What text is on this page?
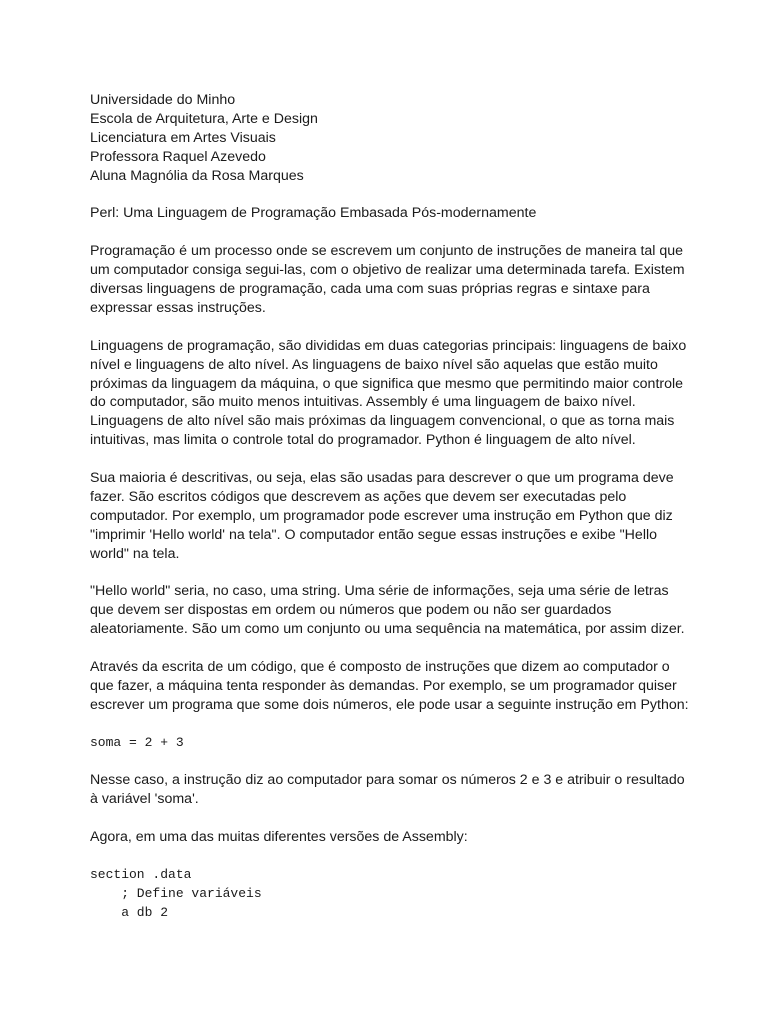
Universidade do Minho

Escola de Arquitetura, Arte e Design

Licenciatura em Artes Visuais

Professora Raquel Azevedo

Aluna Magnólia da Rosa Marques

Perl: Uma Linguagem de Programação Embasada Pós-modernamente

Programação é um processo onde se escrevem um conjunto de instruções de maneira tal que um computador consiga segui-las, com o objetivo de realizar uma determinada tarefa. Existem diversas linguagens de programação, cada uma com suas próprias regras e sintaxe para expressar essas instruções.

Linguagens de programação, são divididas em duas categorias principais: linguagens de baixo nível e linguagens de alto nível. As linguagens de baixo nível são aquelas que estão muito próximas da linguagem da máquina, o que significa que mesmo que permitindo maior controle do computador, são muito menos intuitivas. Assembly é uma linguagem de baixo nível. Linguagens de alto nível são mais próximas da linguagem convencional, o que as torna mais intuitivas, mas limita o controle total do programador. Python é linguagem de alto nível.

Sua maioria é descritivas, ou seja, elas são usadas para descrever o que um programa deve fazer. São escritos códigos que descrevem as ações que devem ser executadas pelo computador. Por exemplo, um programador pode escrever uma instrução em Python que diz "imprimir 'Hello world' na tela". O computador então segue essas instruções e exibe "Hello world" na tela.

"Hello world" seria, no caso, uma string. Uma série de informações, seja uma série de letras que devem ser dispostas em ordem ou números que podem ou não ser guardados aleatoriamente. São um como um conjunto ou uma sequência na matemática, por assim dizer.

Através da escrita de um código, que é composto de instruções que dizem ao computador o que fazer, a máquina tenta responder às demandas. Por exemplo, se um programador quiser escrever um programa que some dois números, ele pode usar a seguinte instrução em Python:

soma = 2 + 3

Nesse caso, a instrução diz ao computador para somar os números 2 e 3 e atribuir o resultado à variável 'soma'.

Agora, em uma das muitas diferentes versões de Assembly:

section .data
; Define variáveis
a db 2
